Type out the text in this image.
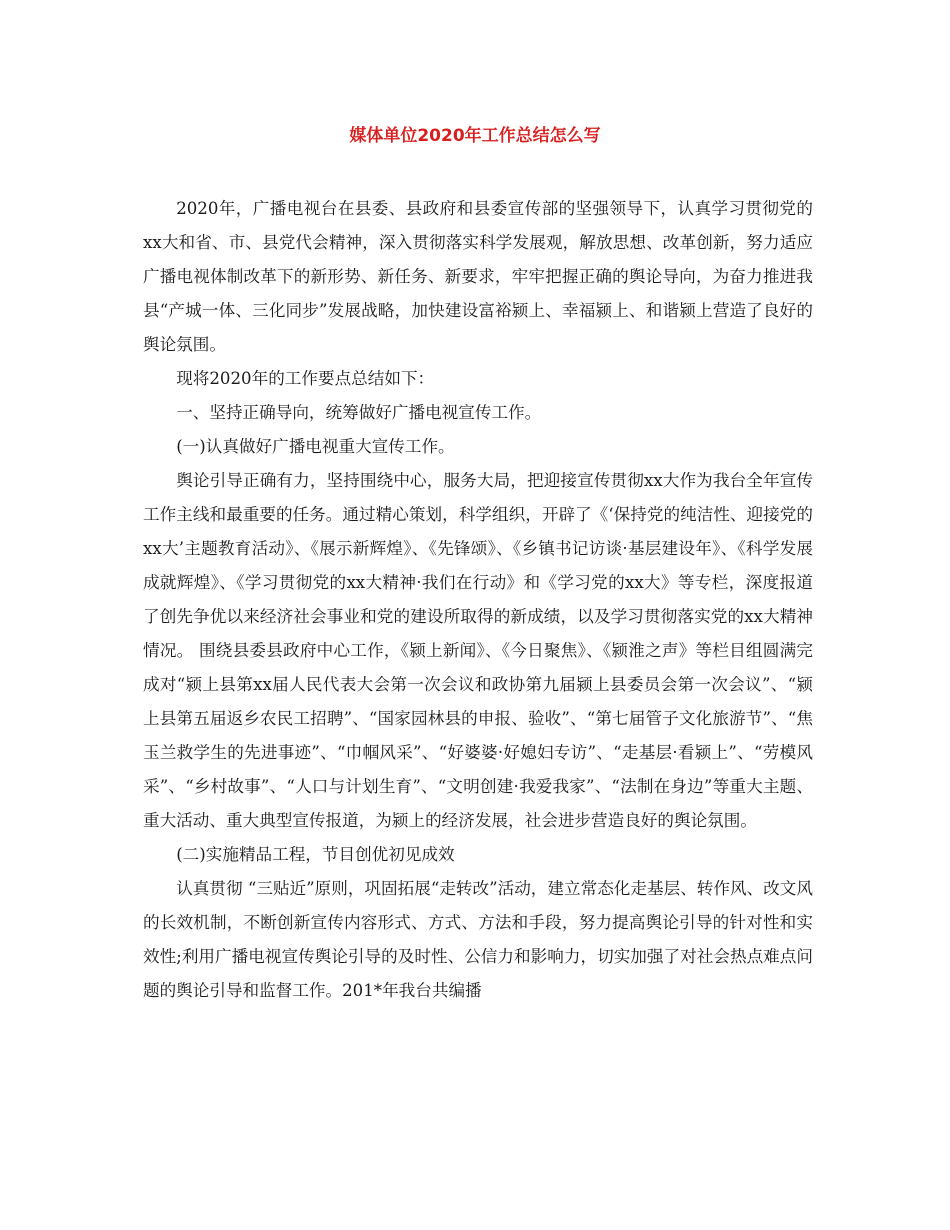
媒体单位2020年工作总结怎么写

2020年，广播电视台在县委、县政府和县委宣传部的坚强领导下，认真学习贯彻党的xx大和省、市、县党代会精神，深入贯彻落实科学发展观，解放思想、改革创新，努力适应广播电视体制改革下的新形势、新任务、新要求，牢牢把握正确的舆论导向，为奋力推进我县“产城一体、三化同步”发展战略，加快建设富裕颍上、幸福颍上、和谐颍上营造了良好的舆论氛围。

现将2020年的工作要点总结如下：

一、坚持正确导向，统筹做好广播电视宣传工作。

(一)认真做好广播电视重大宣传工作。

舆论引导正确有力，坚持围绕中心，服务大局，把迎接宣传贯彻xx大作为我台全年宣传工作主线和最重要的任务。通过精心策划，科学组织，开辟了《‘保持党的纯洁性、迎接党的xx大’主题教育活动》、《展示新辉煌》、《先锋颂》、《乡镇书记访谈·基层建设年》、《科学发展成就辉煌》、《学习贯彻党的xx大精神·我们在行动》和《学习党的xx大》等专栏，深度报道了创先争优以来经济社会事业和党的建设所取得的新成绩，以及学习贯彻落实党的xx大精神情况。 围绕县委县政府中心工作，《颍上新闻》、《今日聚焦》、《颍淮之声》等栏目组圆满完成对“颍上县第xx届人民代表大会第一次会议和政协第九届颍上县委员会第一次会议”、“颍上县第五届返乡农民工招聘”、“国家园林县的申报、验收”、“第七届管子文化旅游节”、“焦玉兰救学生的先进事迹”、“巾帼风采”、“好婆婆·好媳妇专访”、“走基层·看颍上”、“劳模风采”、“乡村故事”、“人口与计划生育”、“文明创建·我爱我家”、“法制在身边”等重大主题、重大活动、重大典型宣传报道，为颍上的经济发展，社会进步营造良好的舆论氛围。

(二)实施精品工程，节目创优初见成效

认真贯彻 “三贴近”原则，巩固拓展“走转改”活动，建立常态化走基层、转作风、改文风的长效机制，不断创新宣传内容形式、方式、方法和手段，努力提高舆论引导的针对性和实效性;利用广播电视宣传舆论引导的及时性、公信力和影响力，切实加强了对社会热点难点问题的舆论引导和监督工作。201*年我台共编播
